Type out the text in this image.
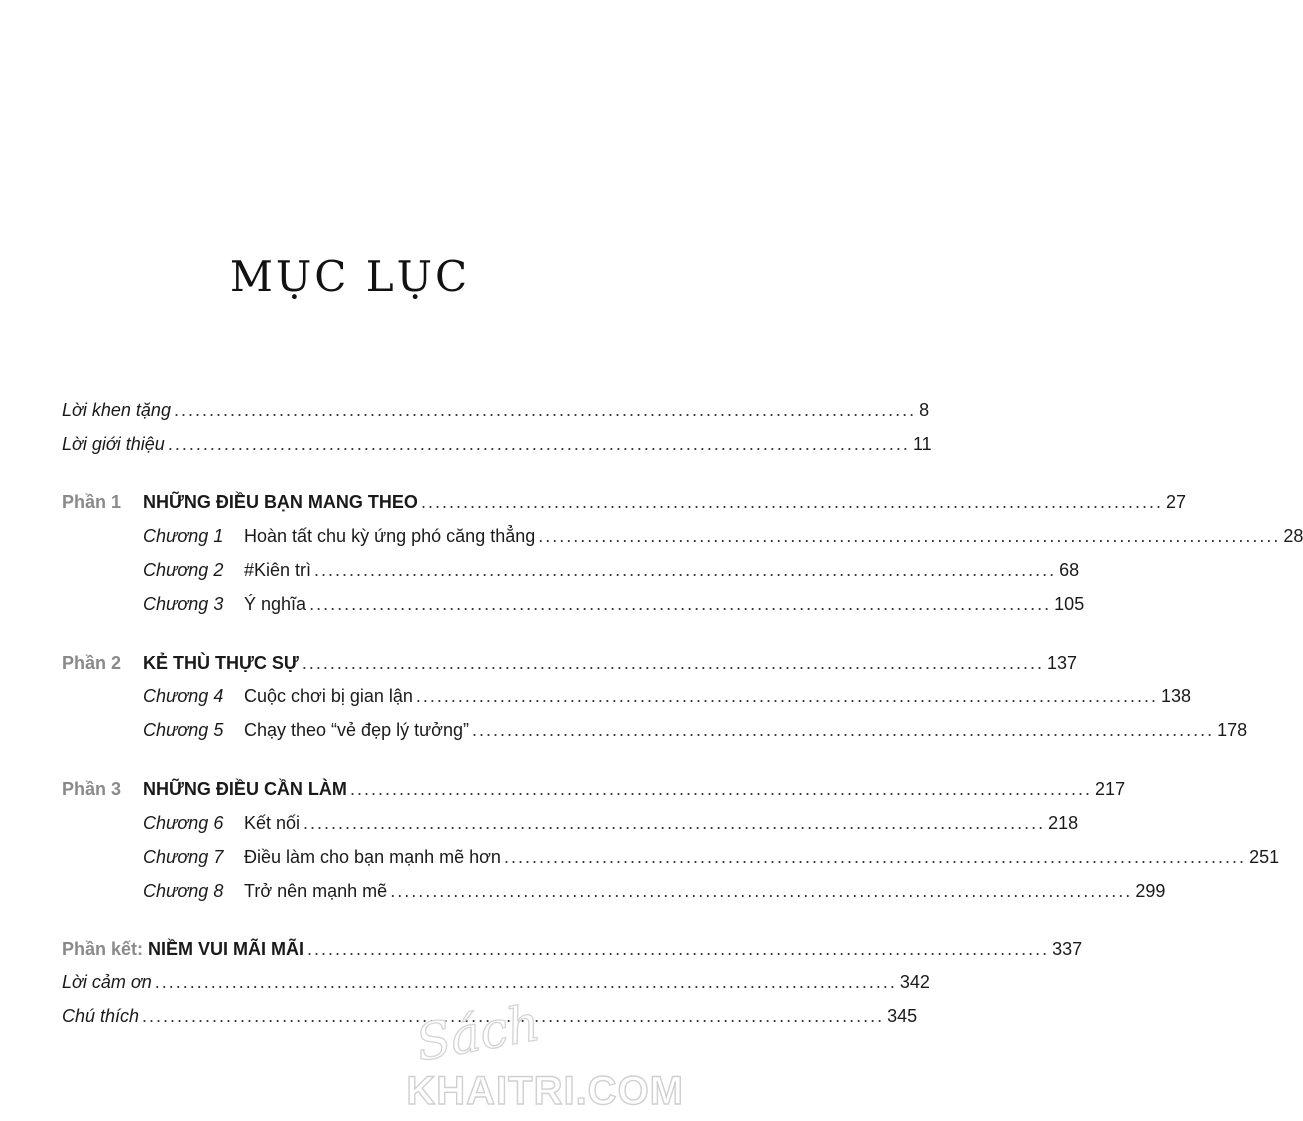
MỤC LỤC
Lời khen tặng .......................................................................................................... 8
Lời giới thiệu .......................................................................................................... 11
Phần 1 NHỮNG ĐIỀU BẠN MANG THEO .......................................................................................................... 27
Chương 1 Hoàn tất chu kỳ ứng phó căng thẳng .......................................................................................................... 28
Chương 2 #Kiên trì .......................................................................................................... 68
Chương 3 Ý nghĩa .......................................................................................................... 105
Phần 2 KẺ THÙ THỰC SỰ .......................................................................................................... 137
Chương 4 Cuộc chơi bị gian lận .......................................................................................................... 138
Chương 5 Chạy theo “vẻ đẹp lý tưởng” .......................................................................................................... 178
Phần 3 NHỮNG ĐIỀU CẦN LÀM .......................................................................................................... 217
Chương 6 Kết nối .......................................................................................................... 218
Chương 7 Điều làm cho bạn mạnh mẽ hơn .......................................................................................................... 251
Chương 8 Trở nên mạnh mẽ .......................................................................................................... 299
Phần kết: NIỀM VUI MÃI MÃI .......................................................................................................... 337
Lời cảm ơn .......................................................................................................... 342
Chú thích .......................................................................................................... 345
Sách
KHAITRI.COM
